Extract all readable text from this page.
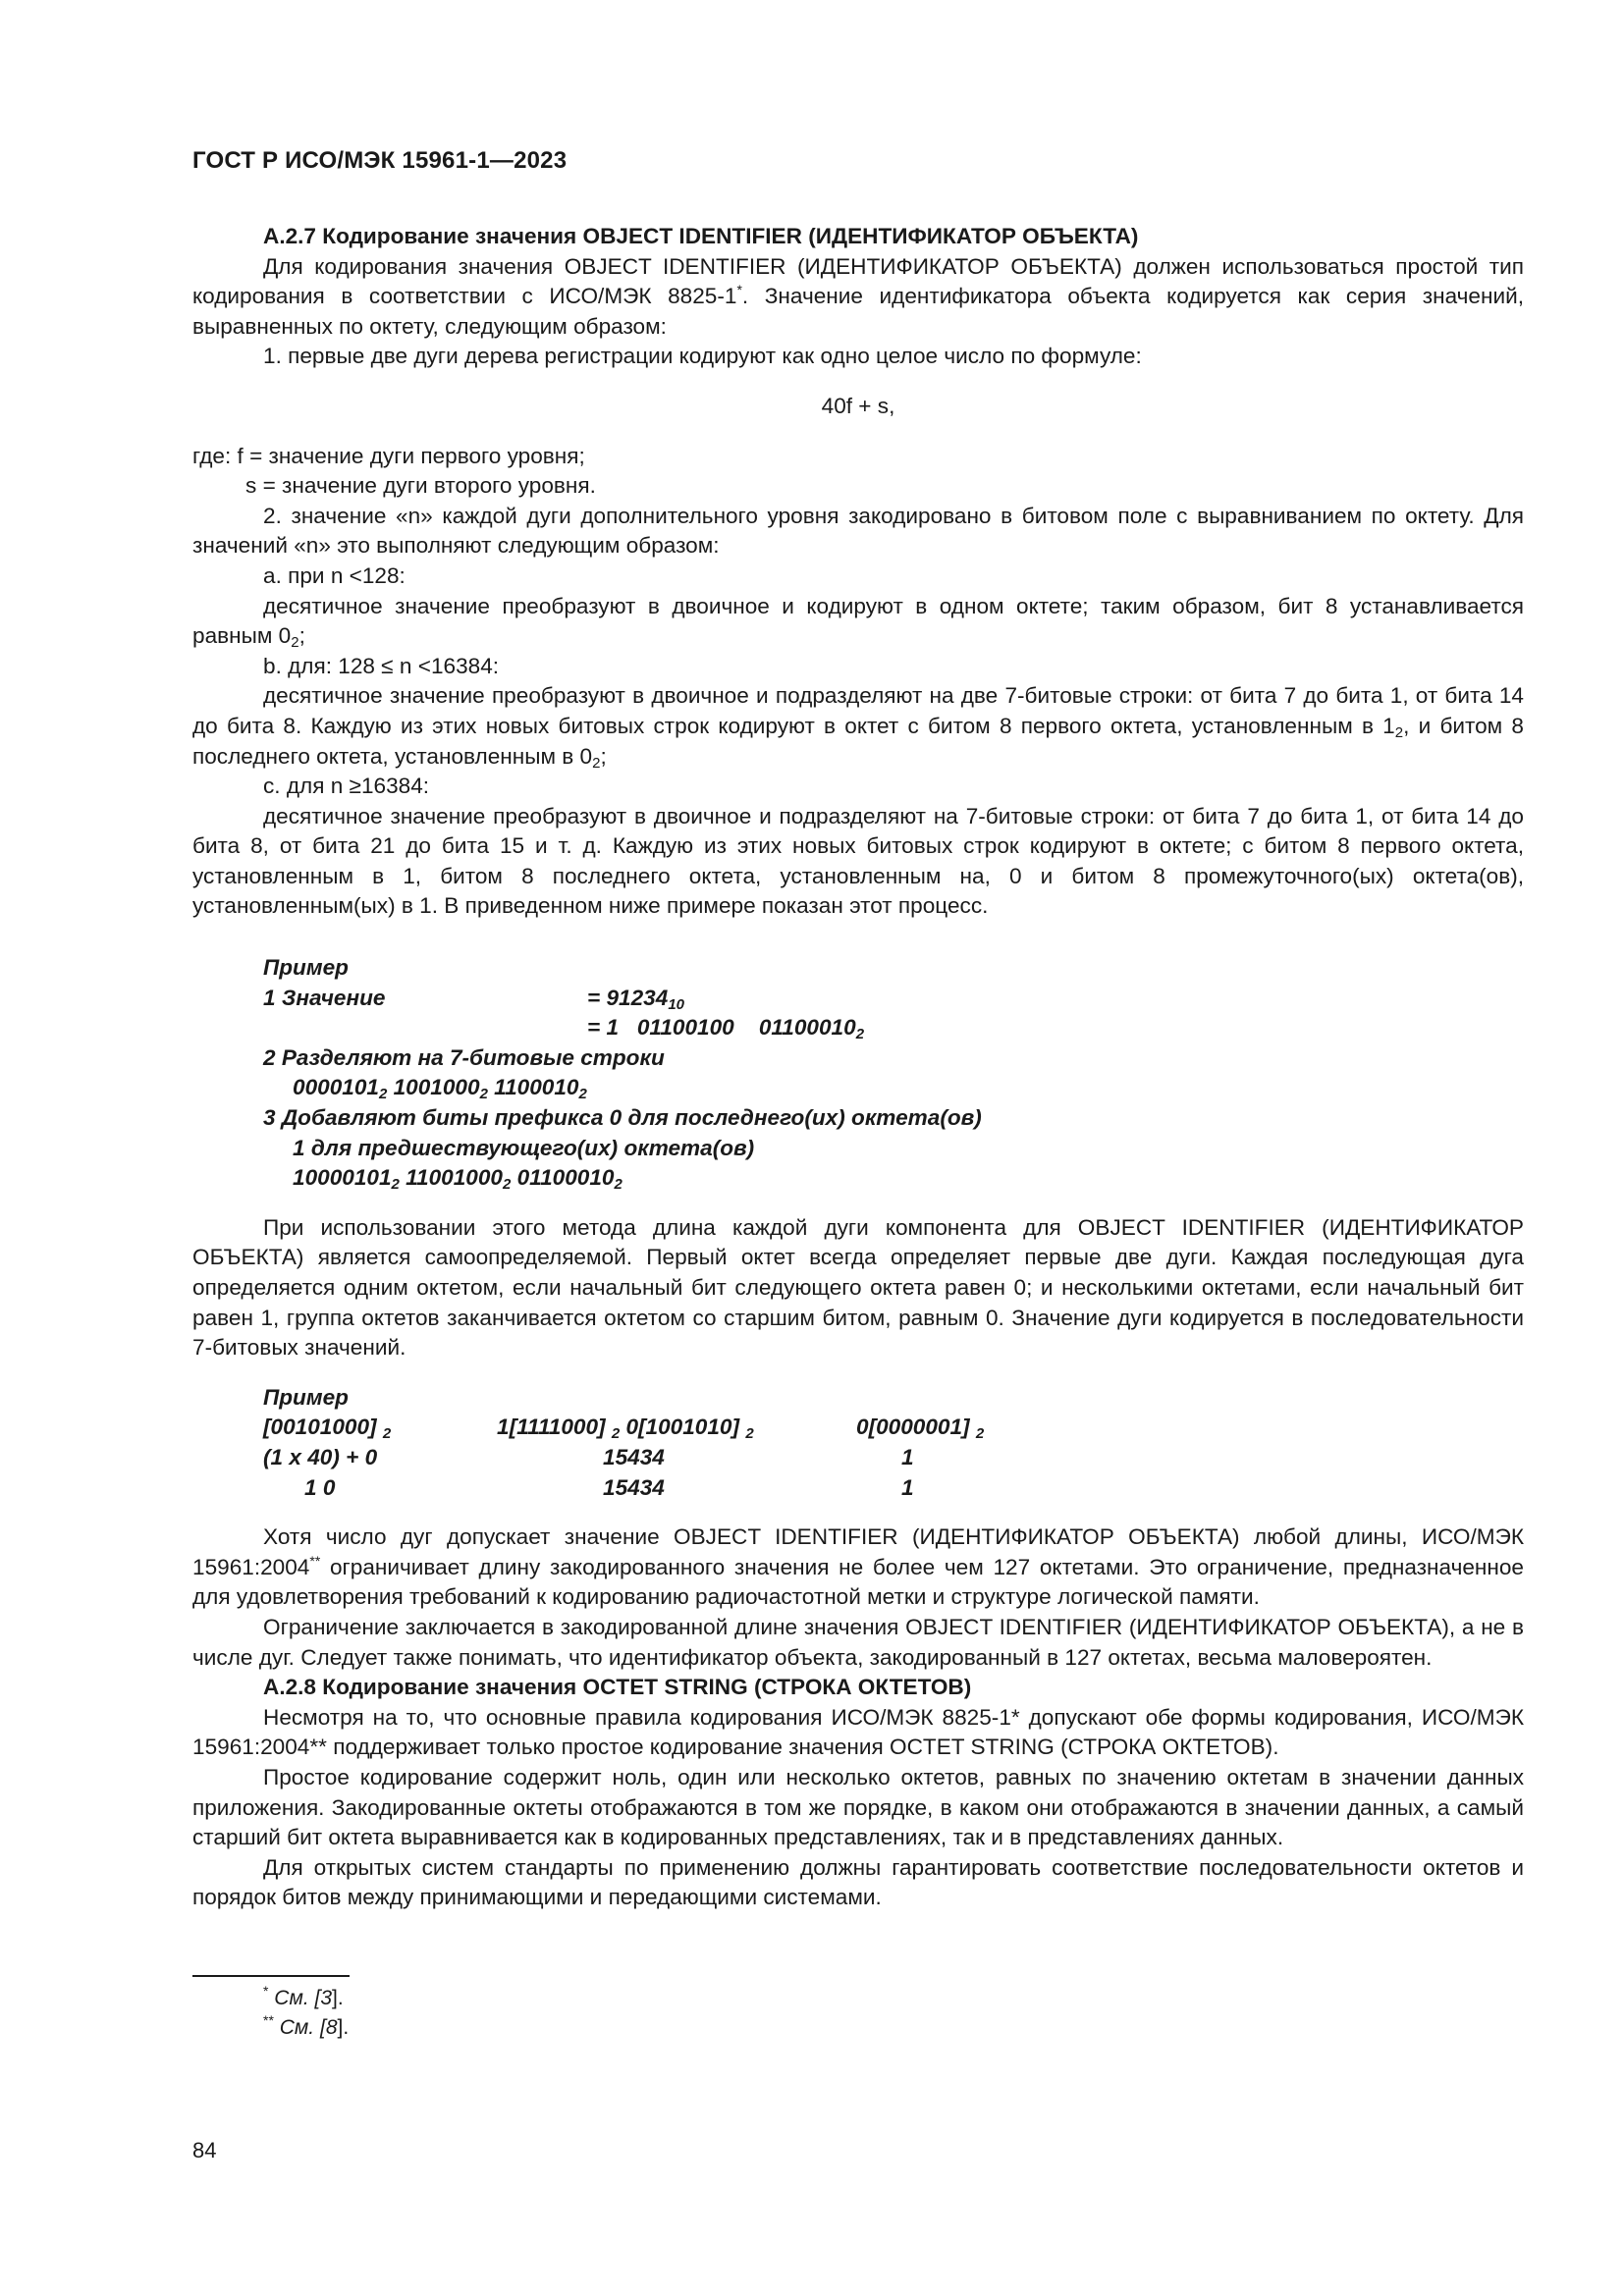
ГОСТ Р ИСО/МЭК 15961-1—2023

А.2.7 Кодирование значения OBJECT IDENTIFIER (ИДЕНТИФИКАТОР ОБЪЕКТА)

Для кодирования значения OBJECT IDENTIFIER (ИДЕНТИФИКАТОР ОБЪЕКТА) должен использоваться простой тип кодирования в соответствии с ИСО/МЭК 8825-1*. Значение идентификатора объекта кодируется как серия значений, выравненных по октету, следующим образом:

1. первые две дуги дерева регистрации кодируют как одно целое число по формуле:

40f + s,

где: f = значение дуги первого уровня;

s = значение дуги второго уровня.

2. значение «n» каждой дуги дополнительного уровня закодировано в битовом поле с выравниванием по октету. Для значений «n» это выполняют следующим образом:

a. при n <128:

десятичное значение преобразуют в двоичное и кодируют в одном октете; таким образом, бит 8 устанавливается равным $0_2$;

b. для: 128 ≤ n <16384:

десятичное значение преобразуют в двоичное и подразделяют на две 7-битовые строки: от бита 7 до бита 1, от бита 14 до бита 8. Каждую из этих новых битовых строк кодируют в октет с битом 8 первого октета, установленным в $1_2$, и битом 8 последнего октета, установленным в $0_2$;

c. для n ≥16384:

десятичное значение преобразуют в двоичное и подразделяют на 7-битовые строки: от бита 7 до бита 1, от бита 14 до бита 8, от бита 21 до бита 15 и т. д. Каждую из этих новых битовых строк кодируют в октете; с битом 8 первого октета, установленным в 1, битом 8 последнего октета, установленным на, 0 и битом 8 промежуточного(ых) октета(ов), установленным(ых) в 1. В приведенном ниже примере показан этот процесс.

Пример
1 Значение	= $91234_{10}$
= 1   01100100    $01100010_2$
2 Разделяют на 7-битовые строки
$0000101_2$ $1001000_2$ $1100010_2$
3 Добавляют биты префикса 0 для последнего(их) октета(ов)
1 для предшествующего(их) октета(ов)
$10000101_2$ $11001000_2$ $01100010_2$

При использовании этого метода длина каждой дуги компонента для OBJECT IDENTIFIER (ИДЕНТИФИКАТОР ОБЪЕКТА) является самоопределяемой. Первый октет всегда определяет первые две дуги. Каждая последующая дуга определяется одним октетом, если начальный бит следующего октета равен 0; и несколькими октетами, если начальный бит равен 1, группа октетов заканчивается октетом со старшим битом, равным 0. Значение дуги кодируется в последовательности 7-битовых значений.

Пример
[00101000] $_2$	1[1111000] $_2$ 0[1001010] $_2$	0[0000001] $_2$
(1 x 40) + 0	15434	1
1 0	15434	1

Хотя число дуг допускает значение OBJECT IDENTIFIER (ИДЕНТИФИКАТОР ОБЪЕКТА) любой длины, ИСО/МЭК 15961:2004** ограничивает длину закодированного значения не более чем 127 октетами. Это ограничение, предназначенное для удовлетворения требований к кодированию радиочастотной метки и структуре логической памяти.

Ограничение заключается в закодированной длине значения OBJECT IDENTIFIER (ИДЕНТИФИКАТОР ОБЪЕКТА), а не в числе дуг. Следует также понимать, что идентификатор объекта, закодированный в 127 октетах, весьма маловероятен.

А.2.8 Кодирование значения OCTET STRING (СТРОКА ОКТЕТОВ)

Несмотря на то, что основные правила кодирования ИСО/МЭК 8825-1* допускают обе формы кодирования, ИСО/МЭК 15961:2004** поддерживает только простое кодирование значения OCTET STRING (СТРОКА ОКТЕТОВ).

Простое кодирование содержит ноль, один или несколько октетов, равных по значению октетам в значении данных приложения. Закодированные октеты отображаются в том же порядке, в каком они отображаются в значении данных, а самый старший бит октета выравнивается как в кодированных представлениях, так и в представлениях данных.

Для открытых систем стандарты по применению должны гарантировать соответствие последовательности октетов и порядок битов между принимающими и передающими системами.

* См. [3].
** См. [8].
84
